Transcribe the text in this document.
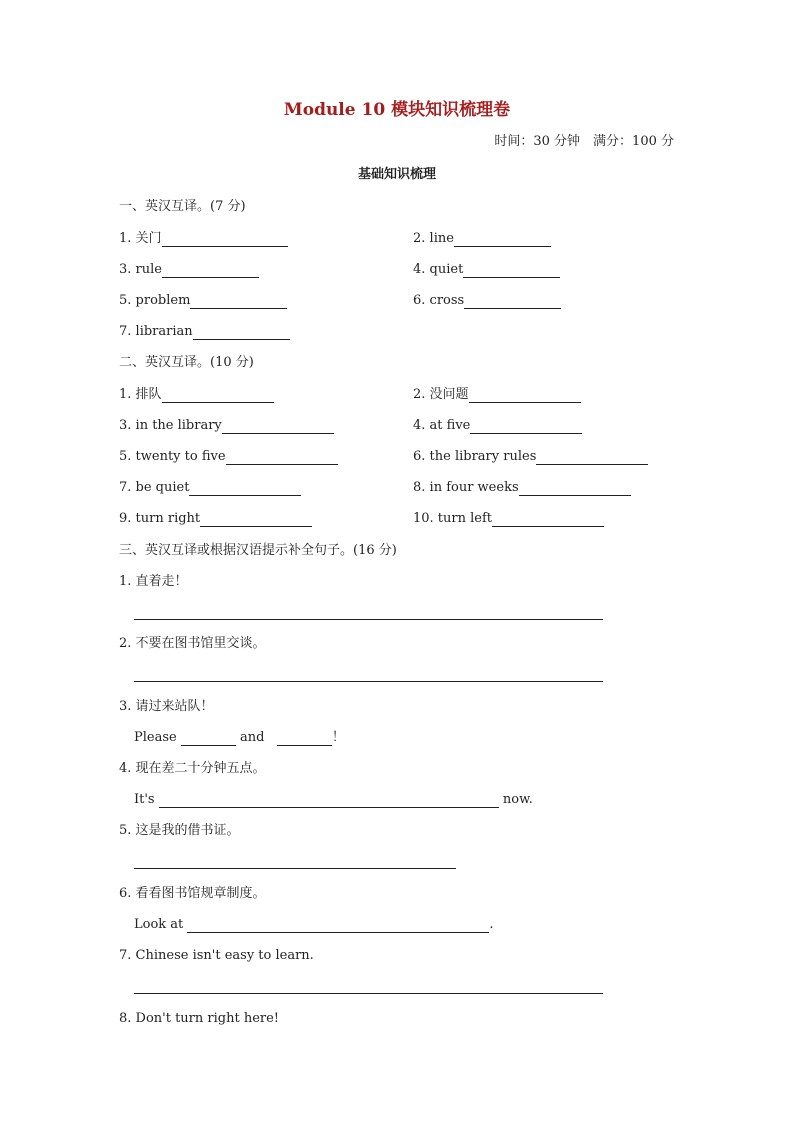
Module 10 模块知识梳理卷
时间：30 分钟　满分：100 分
基础知识梳理
一、英汉互译。(7 分)
1. 关门	2. line
3. rule	4. quiet
5. problem	6. cross
7. librarian
二、英汉互译。(10 分)
1. 排队	2. 没问题
3. in the library	4. at five
5. twenty to five	6. the library rules
7. be quiet	8. in four weeks
9. turn right	10. turn left
三、英汉互译或根据汉语提示补全句子。(16 分)
1. 直着走！
2. 不要在图书馆里交谈。
3. 请过来站队！
Please	and	！
4. 现在差二十分钟五点。
It's	now.
5. 这是我的借书证。
6. 看看图书馆规章制度。
Look at	.
7. Chinese isn't easy to learn.
8. Don't turn right here!
